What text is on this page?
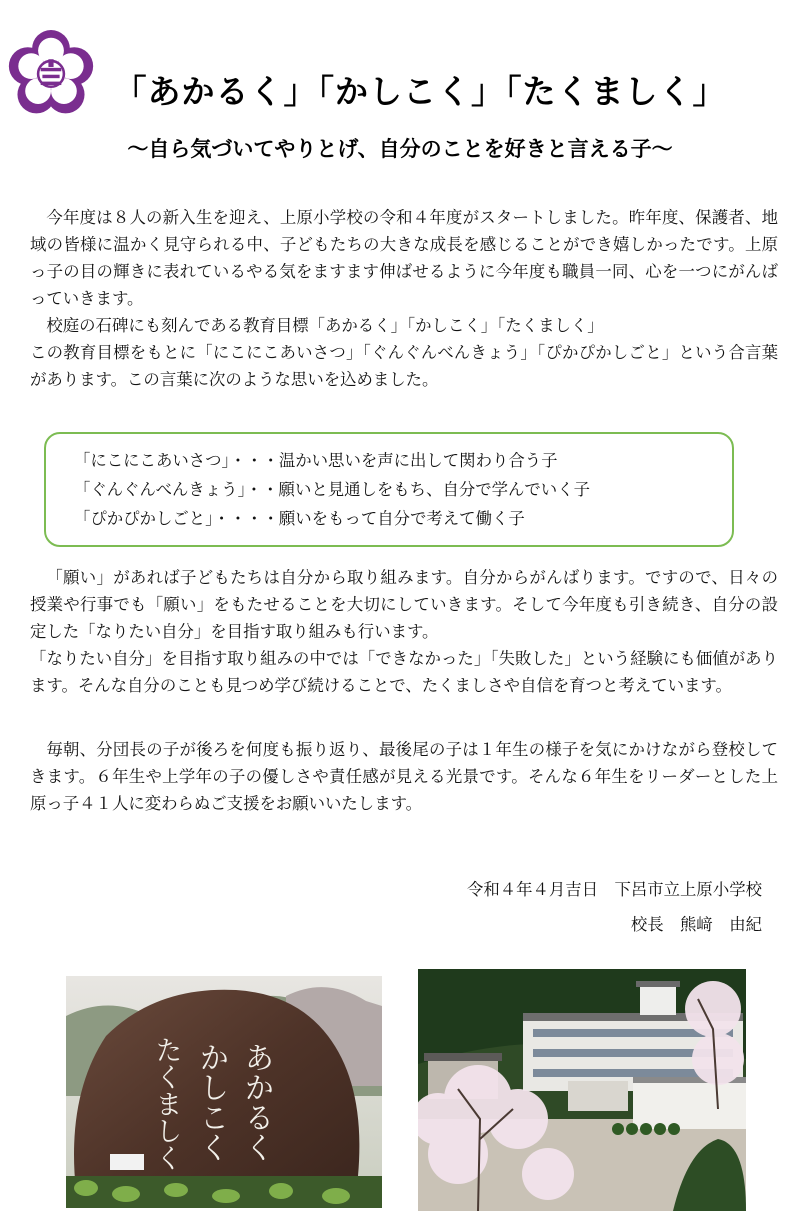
「あかるく」「かしこく」「たくましく」
～自ら気づいてやりとげ、自分のことを好きと言える子～
今年度は８人の新入生を迎え、上原小学校の令和４年度がスタートしました。昨年度、保護者、地域の皆様に温かく見守られる中、子どもたちの大きな成長を感じることができ嬉しかったです。上原っ子の目の輝きに表れているやる気をますます伸ばせるように今年度も職員一同、心を一つにがんばっていきます。
校庭の石碑にも刻んである教育目標「あかるく」「かしこく」「たくましく」
この教育目標をもとに「にこにこあいさつ」「ぐんぐんべんきょう」「ぴかぴかしごと」という合言葉があります。この言葉に次のような思いを込めました。
「にこにこあいさつ」・・・温かい思いを声に出して関わり合う子
「ぐんぐんべんきょう」・・願いと見通しをもち、自分で学んでいく子
「ぴかぴかしごと」・・・・願いをもって自分で考えて働く子
「願い」があれば子どもたちは自分から取り組みます。自分からがんばります。ですので、日々の授業や行事でも「願い」をもたせることを大切にしていきます。そして今年度も引き続き、自分の設定した「なりたい自分」を目指す取り組みも行います。
「なりたい自分」を目指す取り組みの中では「できなかった」「失敗した」という経験にも価値があります。そんな自分のことも見つめ学び続けることで、たくましさや自信を育つと考えています。
毎朝、分団長の子が後ろを何度も振り返り、最後尾の子は１年生の様子を気にかけながら登校してきます。６年生や上学年の子の優しさや責任感が見える光景です。そんな６年生をリーダーとした上原っ子４１人に変わらぬご支援をお願いいたします。
令和４年４月吉日　下呂市立上原小学校
校長　熊﨑　由紀
あかるく
かしこく
たくましく
